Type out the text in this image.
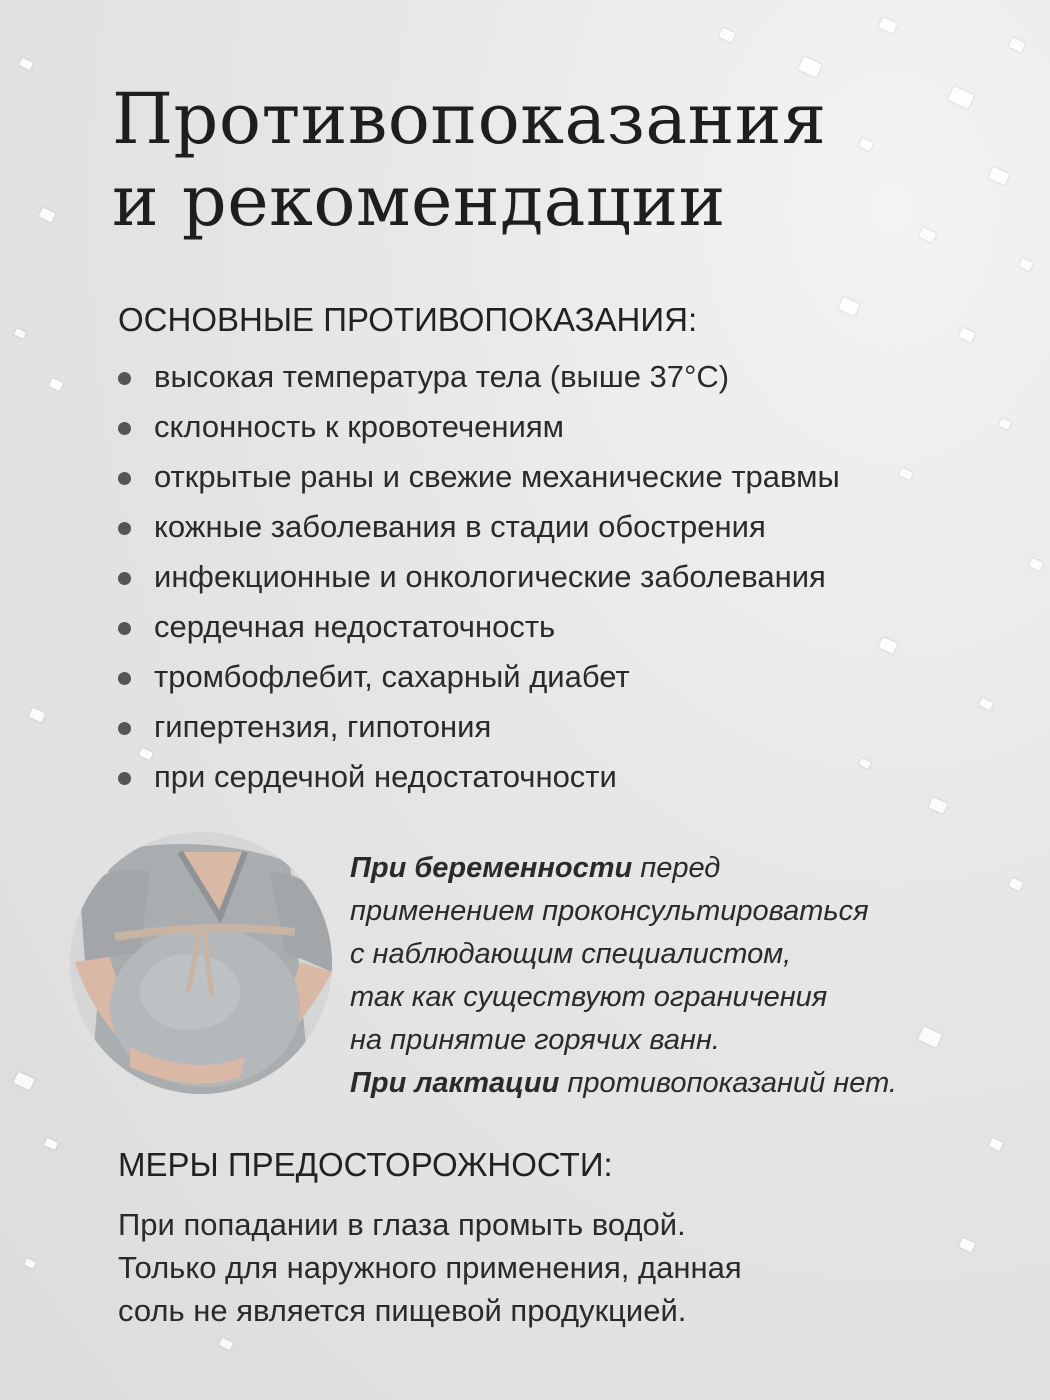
Противопоказания
и рекомендации
ОСНОВНЫЕ ПРОТИВОПОКАЗАНИЯ:
высокая температура тела (выше 37°С)
склонность к кровотечениям
открытые раны и свежие механические травмы
кожные заболевания в стадии обострения
инфекционные и онкологические заболевания
сердечная недостаточность
тромбофлебит, сахарный диабет
гипертензия, гипотония
при сердечной недостаточности

При беременности перед

применением проконсультироваться

с наблюдающим специалистом,

так как существуют ограничения

на принятие горячих ванн.

При лактации противопоказаний нет.

МЕРЫ ПРЕДОСТОРОЖНОСТИ:

При попадании в глаза промыть водой.
Только для наружного применения, данная
соль не является пищевой продукцией.
